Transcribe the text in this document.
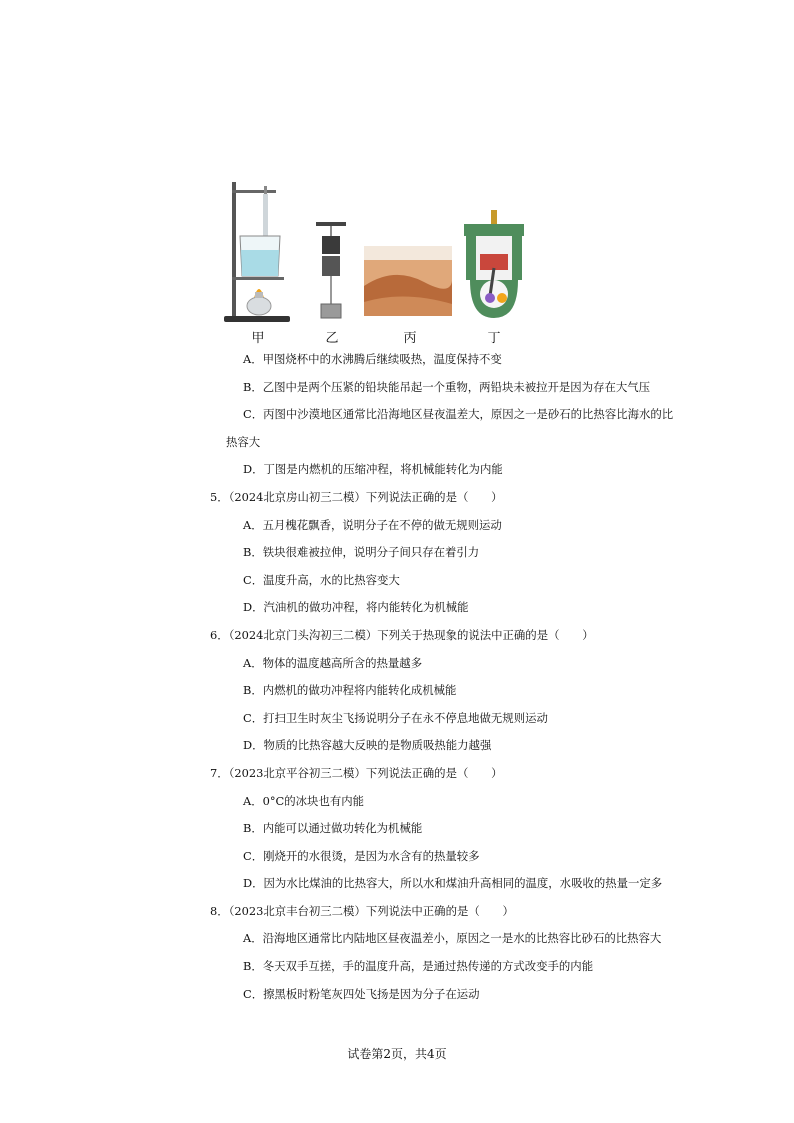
甲	乙	丙	丁
A．甲图烧杯中的水沸腾后继续吸热，温度保持不变
B．乙图中是两个压紧的铅块能吊起一个重物，两铅块未被拉开是因为存在大气压
C．丙图中沙漠地区通常比沿海地区昼夜温差大，原因之一是砂石的比热容比海水的比
热容大
D．丁图是内燃机的压缩冲程，将机械能转化为内能
5．（2024北京房山初三二模）下列说法正确的是（　　）
A．五月槐花飘香，说明分子在不停的做无规则运动
B．铁块很难被拉伸，说明分子间只存在着引力
C．温度升高，水的比热容变大
D．汽油机的做功冲程，将内能转化为机械能
6．（2024北京门头沟初三二模）下列关于热现象的说法中正确的是（　　）
A．物体的温度越高所含的热量越多
B．内燃机的做功冲程将内能转化成机械能
C．打扫卫生时灰尘飞扬说明分子在永不停息地做无规则运动
D．物质的比热容越大反映的是物质吸热能力越强
7．（2023北京平谷初三二模）下列说法正确的是（　　）
A．0°C的冰块也有内能
B．内能可以通过做功转化为机械能
C．刚烧开的水很烫，是因为水含有的热量较多
D．因为水比煤油的比热容大，所以水和煤油升高相同的温度，水吸收的热量一定多
8．（2023北京丰台初三二模）下列说法中正确的是（　　）
A．沿海地区通常比内陆地区昼夜温差小，原因之一是水的比热容比砂石的比热容大
B．冬天双手互搓，手的温度升高，是通过热传递的方式改变手的内能
C．擦黑板时粉笔灰四处飞扬是因为分子在运动
试卷第2页，共4页
